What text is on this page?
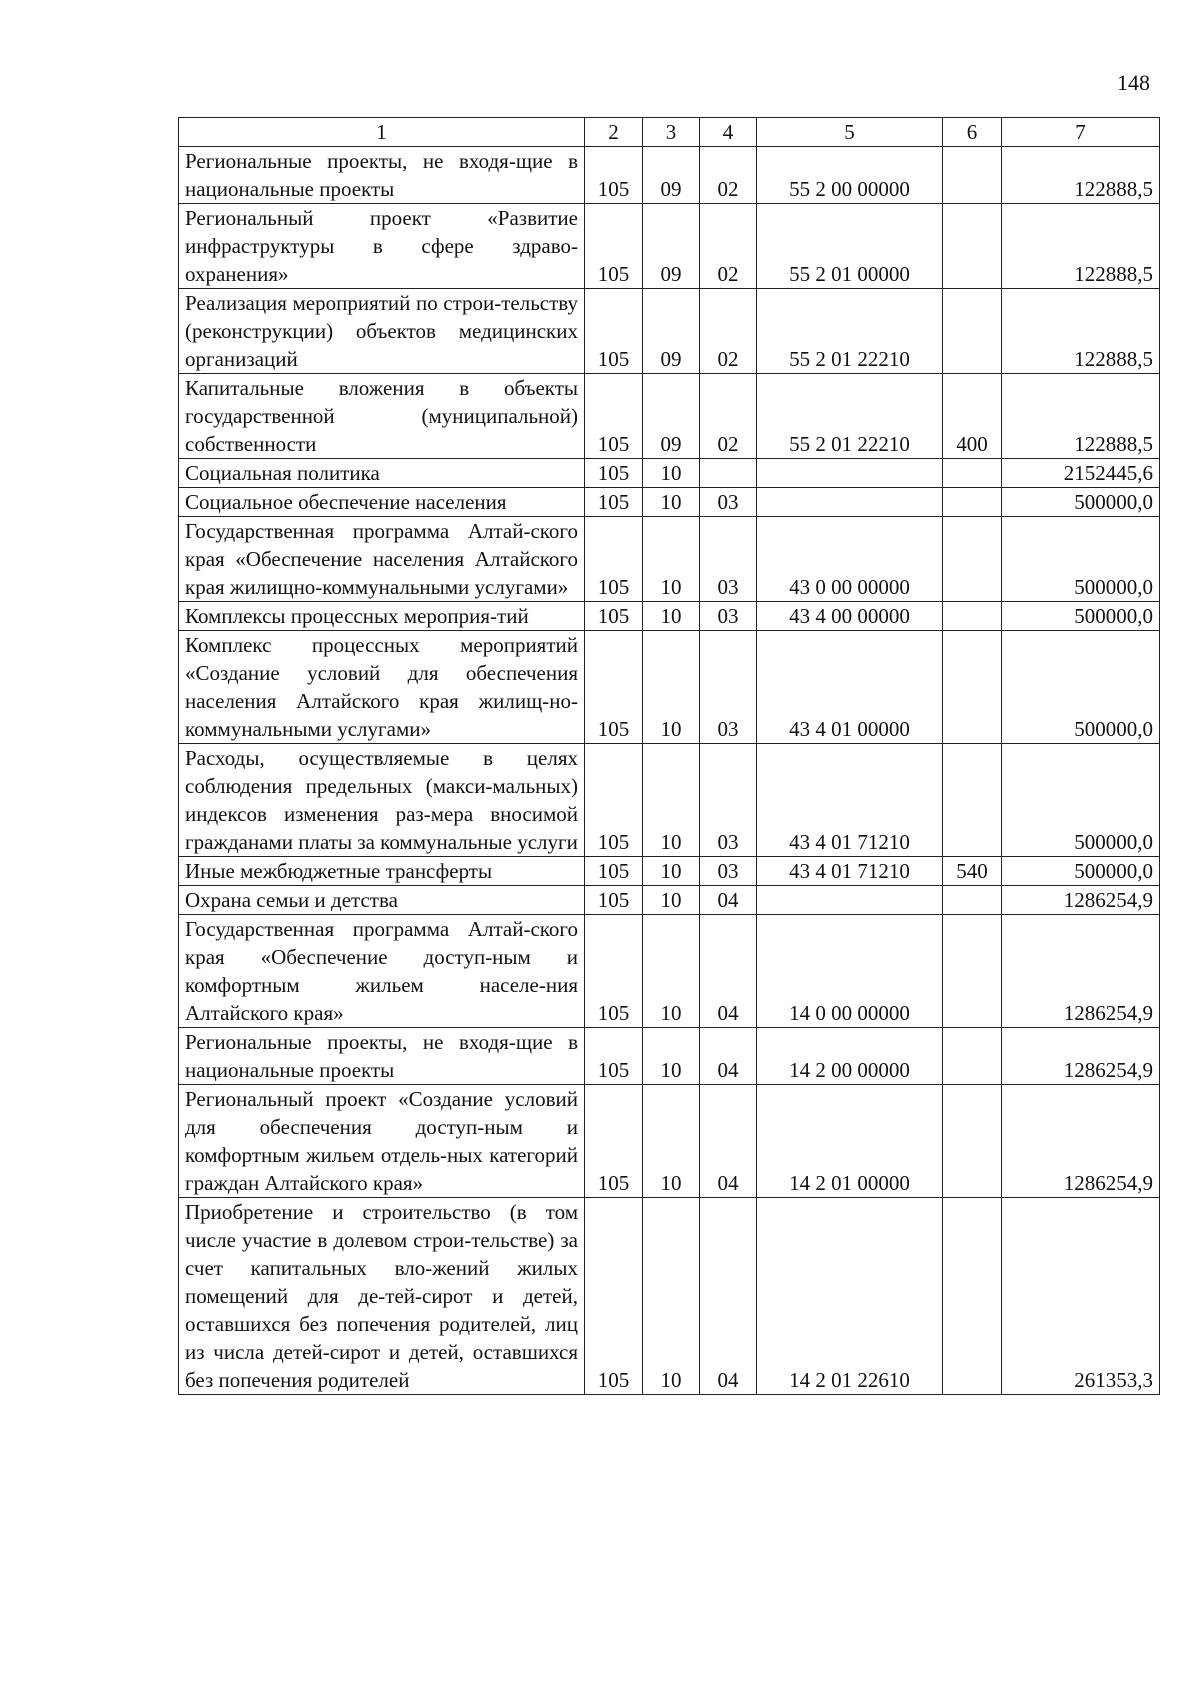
148
1	2	3	4	5	6	7
Региональные проекты, не входя-щие в национальные проекты	105	09	02	55 2 00 00000		122888,5
Региональный проект «Развитие инфраструктуры в сфере здраво-охранения»	105	09	02	55 2 01 00000		122888,5
Реализация мероприятий по строи-тельству (реконструкции) объектов медицинских организаций	105	09	02	55 2 01 22210		122888,5
Капитальные вложения в объекты государственной (муниципальной) собственности	105	09	02	55 2 01 22210	400	122888,5
Социальная политика	105	10				2152445,6
Социальное обеспечение населения	105	10	03			500000,0
Государственная программа Алтай-ского края «Обеспечение населения Алтайского края жилищно-коммунальными услугами»	105	10	03	43 0 00 00000		500000,0
Комплексы процессных мероприя-тий	105	10	03	43 4 00 00000		500000,0
Комплекс процессных мероприятий «Создание условий для обеспечения населения Алтайского края жилищ-но-коммунальными услугами»	105	10	03	43 4 01 00000		500000,0
Расходы, осуществляемые в целях соблюдения предельных (макси-мальных) индексов изменения раз-мера вносимой гражданами платы за коммунальные услуги	105	10	03	43 4 01 71210		500000,0
Иные межбюджетные трансферты	105	10	03	43 4 01 71210	540	500000,0
Охрана семьи и детства	105	10	04			1286254,9
Государственная программа Алтай-ского края «Обеспечение доступ-ным и комфортным жильем населе-ния Алтайского края»	105	10	04	14 0 00 00000		1286254,9
Региональные проекты, не входя-щие в национальные проекты	105	10	04	14 2 00 00000		1286254,9
Региональный проект «Создание условий для обеспечения доступ-ным и комфортным жильем отдель-ных категорий граждан Алтайского края»	105	10	04	14 2 01 00000		1286254,9
Приобретение и строительство (в том числе участие в долевом строи-тельстве) за счет капитальных вло-жений жилых помещений для де-тей-сирот и детей, оставшихся без попечения родителей, лиц из числа детей-сирот и детей, оставшихся без попечения родителей	105	10	04	14 2 01 22610		261353,3
